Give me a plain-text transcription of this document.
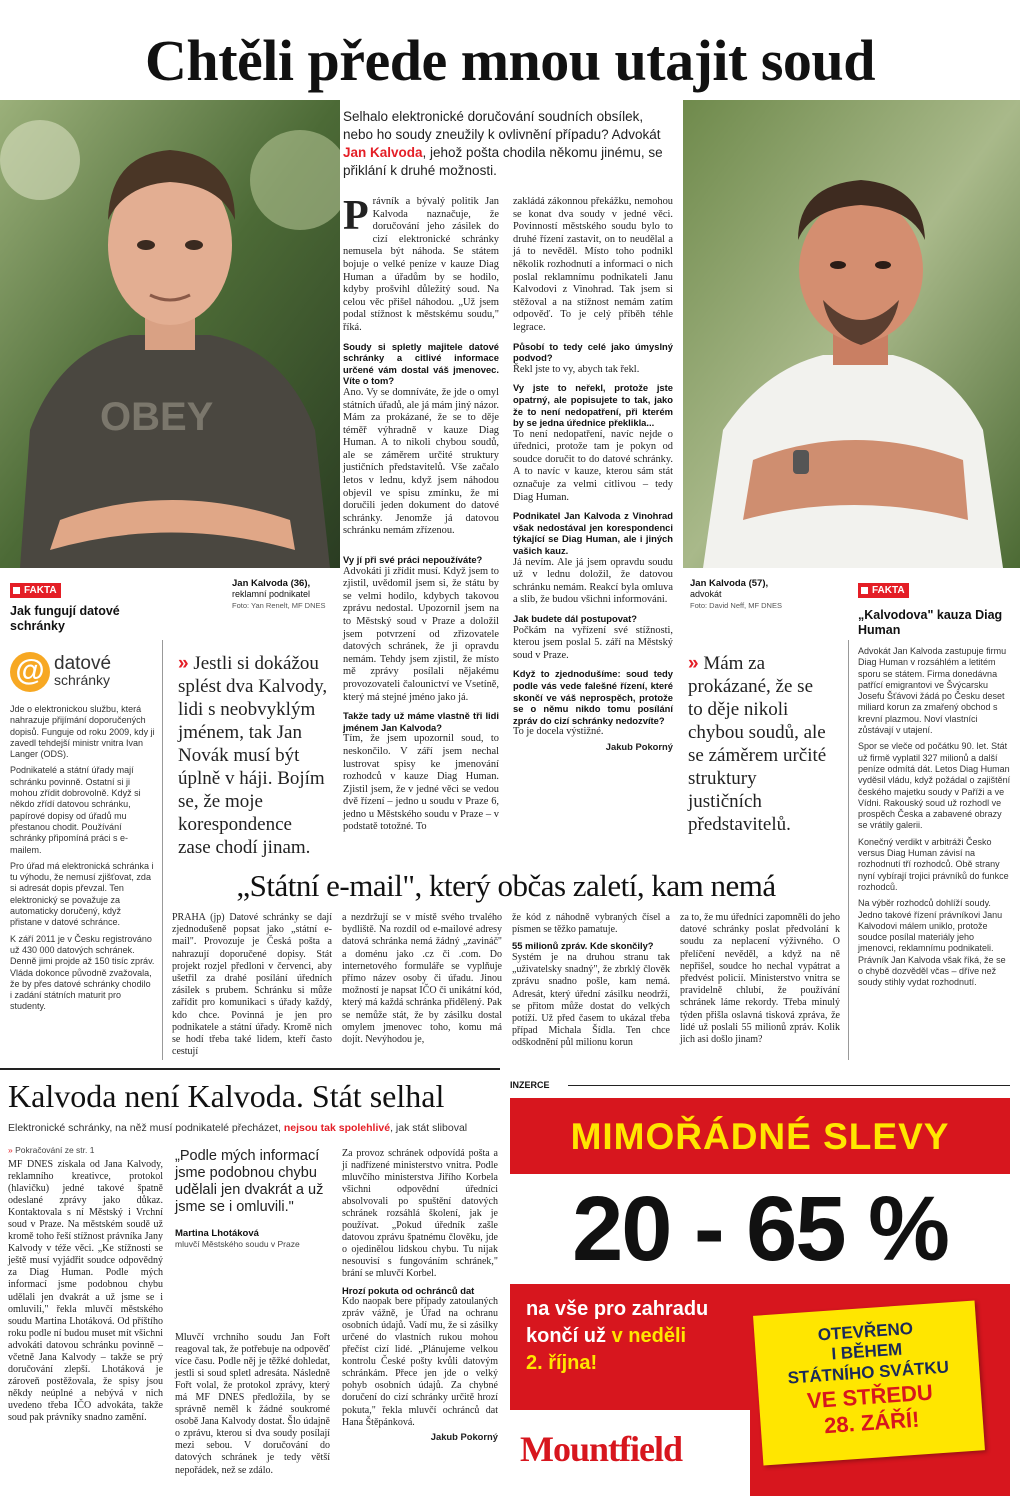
Chtěli přede mnou utajit soud
OBEY
Selhalo elektronické doručování soudních obsílek, nebo ho soudy zneužily k ovlivnění případu? Advokát Jan Kalvoda, jehož pošta chodila někomu jinému, se přiklání k druhé možnosti.

Právník a bývalý politik Jan Kalvoda naznačuje, že doručování jeho zásilek do cizí elektronické schránky nemusela být náhoda. Se státem bojuje o velké peníze v kauze Diag Human a úřadům by se hodilo, kdyby prošvihl důležitý soud. Na celou věc přišel náhodou. „Už jsem podal stížnost k městskému soudu," říká.

Soudy si spletly majitele datové schránky a citlivé informace určené vám dostal váš jmenovec. Víte o tom?

Ano. Vy se domníváte, že jde o omyl státních úřadů, ale já mám jiný názor. Mám za prokázané, že se to děje téměř výhradně v kauze Diag Human. A to nikoli chybou soudů, ale se záměrem určité struktury justičních představitelů. Vše začalo letos v lednu, když jsem náhodou objevil ve spisu zmínku, že mi doručili jeden dokument do datové schránky. Jenomže já datovou schránku nemám zřízenou.

Vy jí při své práci nepoužíváte?

Advokáti ji zřídit musí. Když jsem to zjistil, uvědomil jsem si, že státu by se velmi hodilo, kdybych takovou zprávu nedostal. Upozornil jsem na to Městský soud v Praze a doložil jsem potvrzení od zřizovatele datových schránek, že ji opravdu nemám. Tehdy jsem zjistil, že místo mě zprávy posílali nějakému provozovateli čalounictví ve Vsetíně, který má stejné jméno jako já.

Takže tady už máme vlastně tři lidi jménem Jan Kalvoda?

Tím, že jsem upozornil soud, to neskončilo. V září jsem nechal lustrovat spisy ke jmenování rozhodců v kauze Diag Human. Zjistil jsem, že v jedné věci se vedou dvě řízení – jedno u soudu v Praze 6, jedno u Městského soudu v Praze – v podstatě totožné. To

zakládá zákonnou překážku, nemohou se konat dva soudy v jedné věci. Povinností městského soudu bylo to druhé řízení zastavit, on to neudělal a já to nevěděl. Místo toho podnikl několik rozhodnutí a informaci o nich poslal reklamnímu podnikateli Janu Kalvodovi z Vinohrad. Tak jsem si stěžoval a na stížnost nemám zatím odpověď. To je celý příběh téhle legrace.

Působí to tedy celé jako úmyslný podvod?

Řekl jste to vy, abych tak řekl.

Vy jste to neřekl, protože jste opatrný, ale popisujete to tak, jako že to není nedopatření, při kterém by se jedna úřednice překlikla...

To není nedopatření, navíc nejde o úřednici, protože tam je pokyn od soudce doručit to do datové schránky. A to navíc v kauze, kterou sám stát označuje za velmi citlivou – tedy Diag Human.

Podnikatel Jan Kalvoda z Vinohrad však nedostával jen korespondenci týkající se Diag Human, ale i jiných vašich kauz.

Já nevím. Ale já jsem opravdu soudu už v lednu doložil, že datovou schránku nemám. Reakcí byla omluva a slib, že budou všichni informováni.

Jak budete dál postupovat?

Počkám na vyřízení své stížnosti, kterou jsem poslal 5. září na Městský soud v Praze.

Když to zjednodušíme: soud tedy podle vás vede falešné řízení, které skončí ve váš neprospěch, protože se o němu nikdo tomu posílání zpráv do cizí schránky nedozvíte?

To je docela výstižné.

Jakub Pokorný

FAKTA
Jak fungují datové schránky
@ datové
schránky

Jde o elektronickou službu, která nahrazuje přijímání doporučených dopisů. Funguje od roku 2009, kdy ji zavedl tehdejší ministr vnitra Ivan Langer (ODS).

Podnikatelé a státní úřady mají schránku povinně. Ostatní si ji mohou zřídit dobrovolně. Když si někdo zřídí datovou schránku, papírové dopisy od úřadů mu přestanou chodit. Používání schránky připomíná práci s e-mailem.

Pro úřad má elektronická schránka i tu výhodu, že nemusí zjišťovat, zda si adresát dopis převzal. Ten elektronický se považuje za automaticky doručený, když přistane v datové schránce.

K září 2011 je v Česku registrováno už 430 000 datových schránek. Denně jimi projde až 150 tisíc zpráv. Vláda dokonce původně zvažovala, že by přes datové schránky chodilo i zadání státních maturit pro studenty.

Jan Kalvoda (36),
reklamní podnikatel
Foto: Yan Renelt, MF DNES
» Jestli si dokážou splést dva Kalvody, lidi s neobvyklým jménem, tak Jan Novák musí být úplně v háji. Bojím se, že moje korespondence zase chodí jinam.
Jan Kalvoda (57),
advokát
Foto: David Neff, MF DNES
» Mám za prokázané, že se to děje nikoli chybou soudů, ale se záměrem určité struktury justičních představitelů.
FAKTA
„Kalvodova" kauza Diag Human

Advokát Jan Kalvoda zastupuje firmu Diag Human v rozsáhlém a letitém sporu se státem. Firma donedávna patřící emigrantovi ve Švýcarsku Josefu Šťávovi žádá po Česku deset miliard korun za zmařený obchod s krevní plazmou. Noví vlastníci zůstávají v utajení.

Spor se vleče od počátku 90. let. Stát už firmě vyplatil 327 milionů a další peníze odmítá dát. Letos Diag Human vyděsil vládu, když požádal o zajištění českého majetku soudy v Paříži a ve Vídni. Rakouský soud už rozhodl ve prospěch Česka a zabavené obrazy se vrátily galerii.

Konečný verdikt v arbitráži Česko versus Diag Human závisí na rozhodnutí tří rozhodců. Obě strany nyní vybírají trojici právníků do funkce rozhodců.

Na výběr rozhodců dohlíží soudy. Jedno takové řízení právníkovi Janu Kalvodovi málem uniklo, protože soudce posílal materiály jeho jmenovci, reklamnímu podnikateli. Právník Jan Kalvoda však říká, že se o chybě dozvěděl včas – dříve než soudy stihly vydat rozhodnutí.

„Státní e-mail", který občas zaletí, kam nemá

PRAHA (jp) Datové schránky se dají zjednodušeně popsat jako „státní e-mail". Provozuje je Česká pošta a nahrazují doporučené dopisy. Stát projekt rozjel předloni v červenci, aby ušetřil za drahé posílání úředních zásilek s prubem. Schránku si může zařídit pro komunikaci s úřady každý, kdo chce. Povinná je jen pro podnikatele a státní úřady. Kromě nich se hodí třeba také lidem, kteří často cestují

a nezdržují se v místě svého trvalého bydliště. Na rozdíl od e-mailové adresy datová schránka nemá žádný „zavináč" a doménu jako .cz či .com. Do internetového formuláře se vyplňuje přímo název osoby či úřadu. Jinou možností je napsat IČO či unikátní kód, který má každá schránka přidělený. Pak se nemůže stát, že by zásilku dostal omylem jmenovec toho, komu má dojít. Nevýhodou je,

že kód z náhodně vybraných čísel a písmen se těžko pamatuje.

55 milionů zpráv. Kde skončily?

Systém je na druhou stranu tak „uživatelsky snadný", že zbrklý člověk zprávu snadno pošle, kam nemá. Adresát, který úřední zásilku neodrží, se přitom může dostat do velkých potíží. Už před časem to ukázal třeba případ Michala Šídla. Ten chce odškodnění půl milionu korun

za to, že mu úředníci zapomněli do jeho datové schránky poslat předvolání k soudu za neplacení výživného. O přelíčení nevěděl, a když na ně nepřišel, soudce ho nechal vypátrat a předvést policií. Ministerstvo vnitra se pravidelně chlubí, že používání schránek láme rekordy. Třeba minulý týden přišla oslavná tisková zpráva, že lidé už poslali 55 milionů zpráv. Kolik jich asi došlo jinam?

Kalvoda není Kalvoda. Stát selhal
Elektronické schránky, na něž musí podnikatelé přecházet, nejsou tak spolehlivé, jak stát sliboval
» Pokračování ze str. 1

MF DNES získala od Jana Kalvody, reklamního kreativce, protokol (hlavičku) jedné takové špatně odeslané zprávy jako důkaz. Kontaktovala s ní Městský i Vrchní soud v Praze. Na městském soudě už kromě toho řeší stížnost právníka Jany Kalvody v téže věci. „Ke stížnosti se ještě musí vyjádřit soudce odpovědný za Diag Human. Podle mých informací jsme podobnou chybu udělali jen dvakrát a už jsme se i omluvili," řekla mluvčí městského soudu Martina Lhotáková. Od příštího roku podle ní budou muset mít všichni advokáti datovou schránku povinně – včetně Jana Kalvody – takže se prý doručování zlepší. Lhotáková je zároveň postěžovala, že spisy jsou někdy neúplné a nebývá v nich uvedeno třeba IČO advokáta, takže soud pak právníky snadno zamění.

„Podle mých informací jsme podobnou chybu udělali jen dvakrát a už jsme se i omluvili."
Martina Lhotáková
mluvčí Městského soudu v Praze

Mluvčí vrchního soudu Jan Fořt reagoval tak, že potřebuje na odpověď více času. Podle něj je těžké dohledat, jestli si soud spletl adresáta. Následně Fořt volal, že protokol zprávy, který má MF DNES předložila, by se správně neměl k žádné soukromé osobě Jana Kalvody dostat. Šlo údajně o zprávu, kterou si dva soudy posílají mezi sebou. V doručování do datových schránek je tedy větší nepořádek, než se zdálo.

Za provoz schránek odpovídá pošta a jí nadřízené ministerstvo vnitra. Podle mluvčího ministerstva Jiřího Korbela všichni odpovědní úředníci absolvovali po spuštění datových schránek rozsáhlá školení, jak je používat. „Pokud úředník zašle datovou zprávu špatnému člověku, jde o ojedinělou lidskou chybu. Tu nijak nesouvisí s fungováním schránek," brání se mluvčí Korbel.

Hrozí pokuta od ochránců dat

Kdo naopak bere případy zatoulaných zpráv vážně, je Úřad na ochranu osobních údajů. Vadí mu, že si zásilky určené do vlastních rukou mohou přečíst cizí lidé. „Plánujeme velkou kontrolu České pošty kvůli datovým schránkám. Přece jen jde o velký pohyb osobních údajů. Za chybné doručení do cizí schránky určitě hrozí pokuta," řekla mluvčí ochránců dat Hana Štěpánková.

Jakub Pokorný

INZERCE
MIMOŘÁDNÉ SLEVY
20 - 65 %
na vše pro zahradu
končí už v neděli
2. října!
OTEVŘENO
I BĚHEM
STÁTNÍHO SVÁTKU
VE STŘEDU
28. ZÁŘÍ!
Mountfield
